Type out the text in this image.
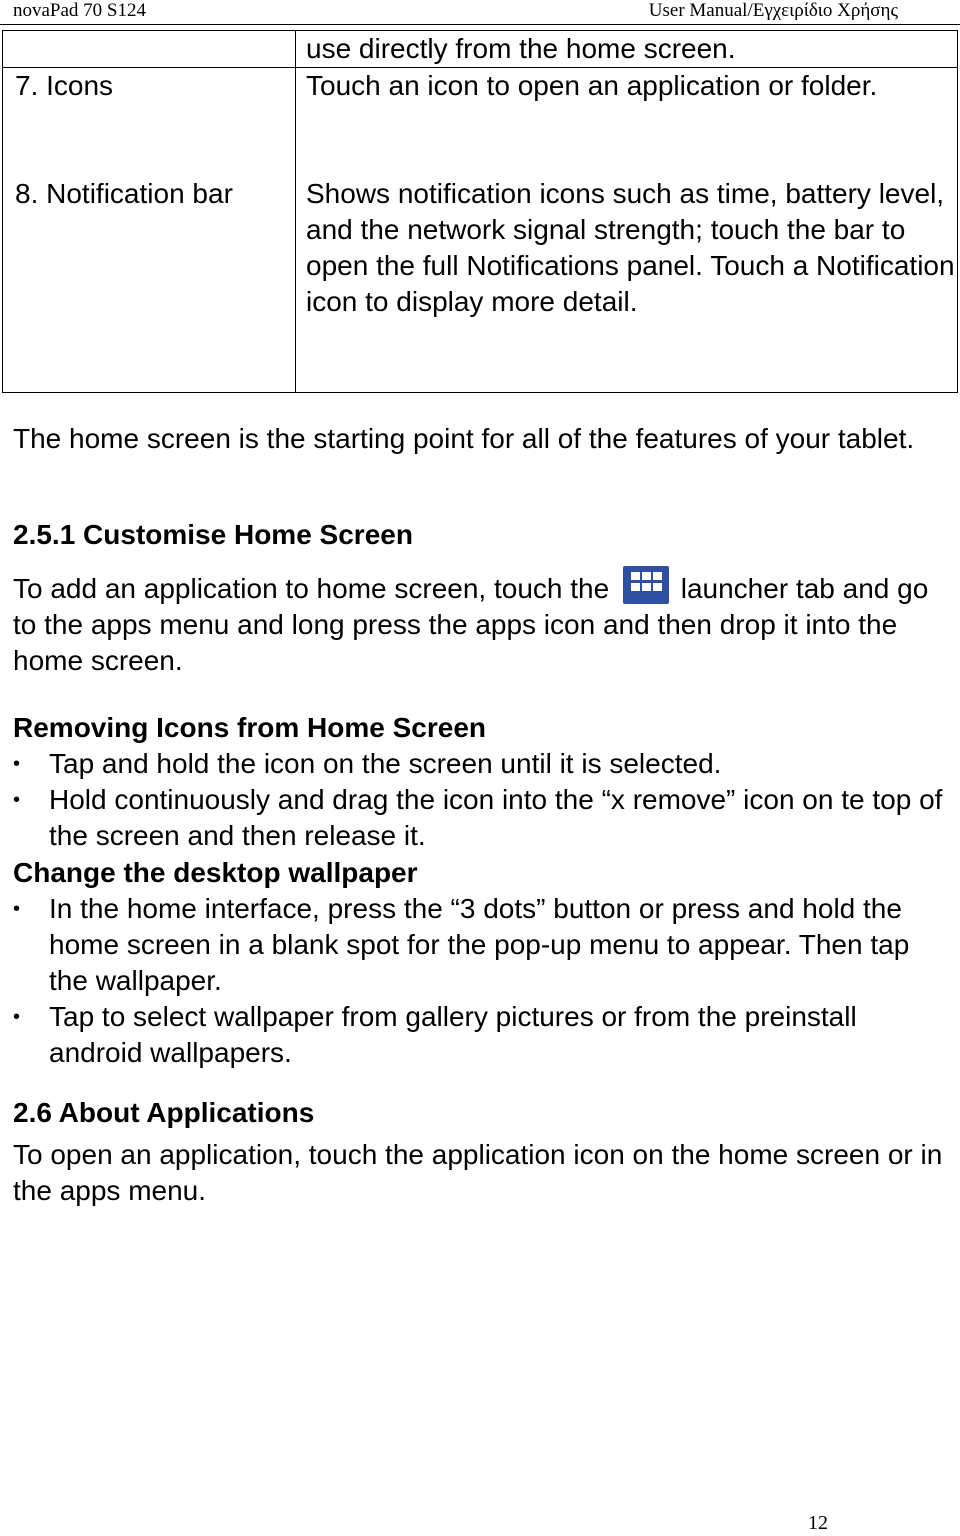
novaPad 70 S124	User Manual/Εγχειρίδιο Χρήσης
	use directly from the home screen.
7. Icons	Touch an icon to open an application or folder.
8. Notification bar	Shows notification icons such as time, battery level, and the network signal strength; touch the bar to open the full Notifications panel. Touch a Notification icon to display more detail.

The home screen is the starting point for all of the features of your tablet.

2.5.1 Customise Home Screen

To add an application to home screen, touch the
launcher tab and go to the apps menu and long press the apps icon and then drop it into the home screen.

Removing Icons from Home Screen
• Tap and hold the icon on the screen until it is selected.
• Hold continuously and drag the icon into the “x remove” icon on te top of the screen and then release it.
Change the desktop wallpaper
• In the home interface, press the “3 dots” button or press and hold the home screen in a blank spot for the pop-up menu to appear. Then tap the wallpaper.
• Tap to select wallpaper from gallery pictures or from the preinstall android wallpapers.
2.6 About Applications

To open an application, touch the application icon on the home screen or in the apps menu.

12
